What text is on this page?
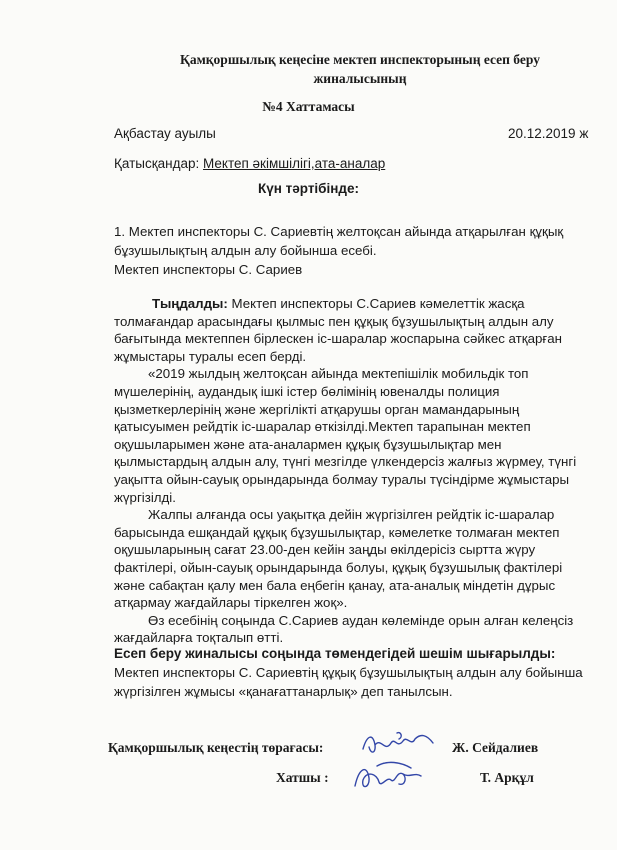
Қамқоршылық кеңесіне мектеп инспекторының есеп беру жиналысының
№4 Хаттамасы
Ақбастау ауылы	20.12.2019 ж
Қатысқандар: Мектеп әкімшілігі,ата-аналар
Күн тәртібінде:
1. Мектеп инспекторы С. Сариевтің желтоқсан айында атқарылған құқық бұзушылықтың алдын алу бойынша есебі.
Мектеп инспекторы С. Сариев

Тыңдалды: Мектеп инспекторы С.Сариев кәмелеттік жасқа толмағандар арасындағы қылмыс пен құқық бұзушылықтың алдын алу бағытында мектеппен бірлескен іс-шаралар жоспарына сәйкес атқарған жұмыстары туралы есеп берді.

«2019 жылдың желтоқсан айында мектепішілік мобильдік топ мүшелерінің, аудандық ішкі істер бөлімінің ювеналды полиция қызметкерлерінің және жергілікті атқарушы орган мамандарының қатысуымен рейдтік іс-шаралар өткізілді.Мектеп тарапынан мектеп оқушыларымен және ата-аналармен құқық бұзушылықтар мен қылмыстардың алдын алу, түнгі мезгілде үлкендерсіз жалғыз жүрмеу, түнгі уақытта ойын-сауық орындарында болмау туралы түсіндірме жұмыстары жүргізілді.

Жалпы алғанда осы уақытқа дейін жүргізілген рейдтік іс-шаралар барысында ешқандай құқық бұзушылықтар, кәмелетке толмаған мектеп оқушыларының сағат 23.00-ден кейін заңды өкілдерісіз сыртта жүру фактілері, ойын-сауық орындарында болуы, құқық бұзушылық фактілері және сабақтан қалу мен бала еңбегін қанау, ата-аналық міндетін дұрыс атқармау жағдайлары тіркелген жоқ».

Өз есебінің соңында С.Сариев аудан көлемінде орын алған келеңсіз жағдайларға тоқталып өтті.

Есеп беру жиналысы соңында төмендегідей шешім шығарылды:
Мектеп инспекторы С. Сариевтің құқық бұзушылықтың алдын алу бойынша жүргізілген жұмысы «қанағаттанарлық» деп танылсын.
Қамқоршылық кеңестің төрағасы:	Ж. Сейдалиев
Хатшы :	Т. Арқұл
